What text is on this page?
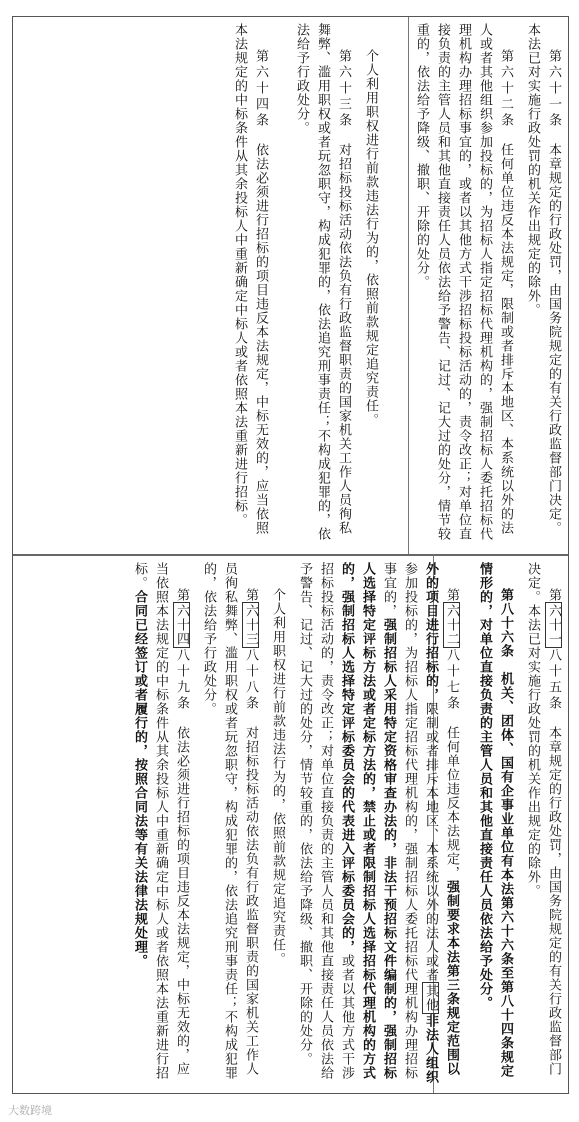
第六十一条　本章规定的行政处罚，由国务院规定的有关行政监督部门决定。本法已对实施行政处罚的机关作出规定的除外。

第六十二条　任何单位违反本法规定，限制或者排斥本地区、本系统以外的法人或者其他组织参加投标的，为招标人指定招标代理机构的，强制招标人委托招标代理机构办理招标事宜的，或者以其他方式干涉招标投标活动的，责令改正；对单位直接负责的主管人员和其他直接责任人员依法给予警告、记过、记大过的处分，情节较重的，依法给予降级、撤职、开除的处分。

个人利用职权进行前款违法行为的，依照前款规定追究责任。

第六十三条　对招标投标活动依法负有行政监督职责的国家机关工作人员徇私舞弊、滥用职权或者玩忽职守，构成犯罪的，依法追究刑事责任；不构成犯罪的，依法给予行政处分。

第六十四条　依法必须进行招标的项目违反本法规定，中标无效的，应当依照本法规定的中标条件从其余投标人中重新确定中标人或者依照本法重新进行招标。

第六十一八十五条　本章规定的行政处罚，由国务院规定的有关行政监督部门决定。本法已对实施行政处罚的机关作出规定的除外。

第八十六条　机关、团体、国有企事业单位有本法第六十六条至第八十四条规定情形的，对单位直接负责的主管人员和其他直接责任人员依法给予处分。

第六十二八十七条　任何单位违反本法规定，强制要求本法第三条规定范围以外的项目进行招标的，限制或者排斥本地区、本系统以外的法人或者其他非法人组织参加投标的，为招标人指定招标代理机构的，强制招标人委托招标代理机构办理招标事宜的，强制招标人采用特定资格审查办法的，非法干预招标文件编制的，强制招标人选择特定评标方法或者定标方法的，禁止或者限制招标人选择招标代理机构的方式的，强制招标人选择特定评标委员会的代表进入评标委员会的，或者以其他方式干涉招标投标活动的，责令改正；对单位直接负责的主管人员和其他直接责任人员依法给予警告、记过、记大过的处分，情节较重的，依法给予降级、撤职、开除的处分。

个人利用职权进行前款违法行为的，依照前款规定追究责任。

第六十三八十八条　对招标投标活动依法负有行政监督职责的国家机关工作人员徇私舞弊、滥用职权或者玩忽职守，构成犯罪的，依法追究刑事责任；不构成犯罪的，依法给予行政处分。

第六十四八十九条　依法必须进行招标的项目违反本法规定，中标无效的，应当依照本法规定的中标条件从其余投标人中重新确定中标人或者依照本法重新进行招标。合同已经签订或者履行的，按照合同法等有关法律法规处理。

大数跨境
